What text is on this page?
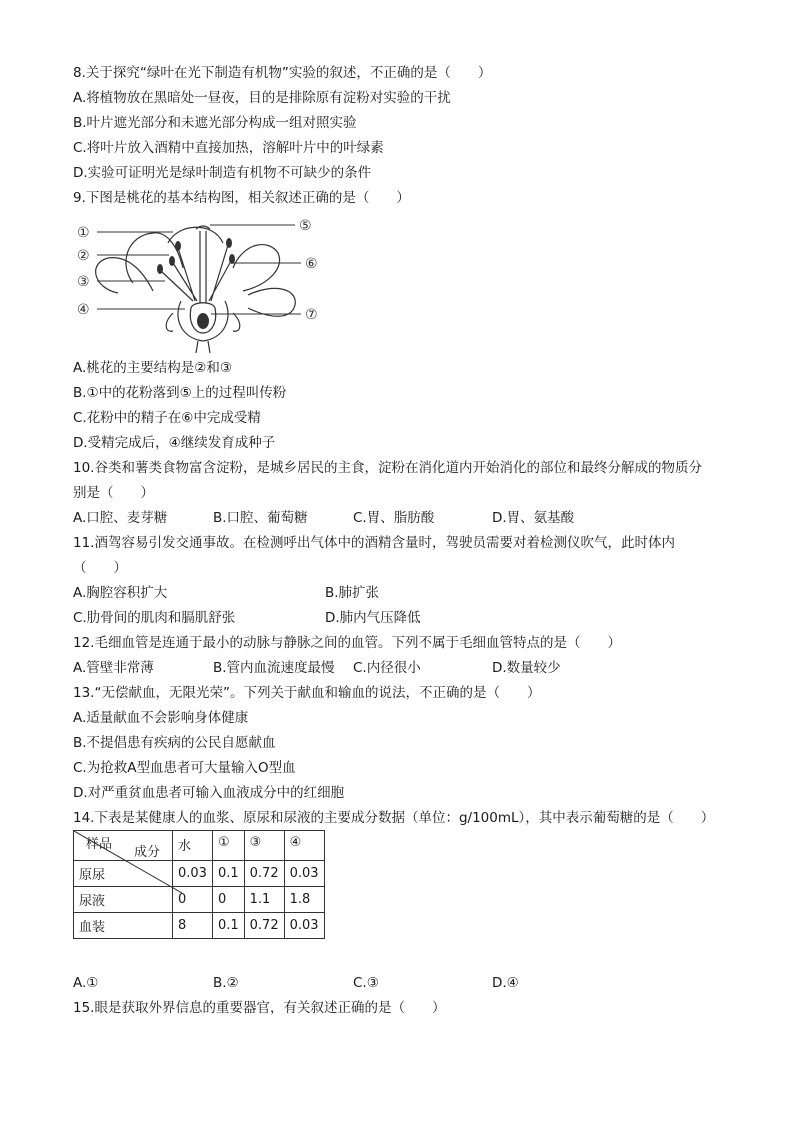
8.关于探究“绿叶在光下制造有机物”实验的叙述，不正确的是（　　）
A.将植物放在黑暗处一昼夜，目的是排除原有淀粉对实验的干扰
B.叶片遮光部分和未遮光部分构成一组对照实验
C.将叶片放入酒精中直接加热，溶解叶片中的叶绿素
D.实验可证明光是绿叶制造有机物不可缺少的条件
9.下图是桃花的基本结构图，相关叙述正确的是（　　）
①
②
③
④
⑤
⑥
⑦
A.桃花的主要结构是②和③
B.①中的花粉落到⑤上的过程叫传粉
C.花粉中的精子在⑥中完成受精
D.受精完成后，④继续发育成种子
10.谷类和薯类食物富含淀粉，是城乡居民的主食，淀粉在消化道内开始消化的部位和最终分解成的物质分
别是（　　）
A.口腔、麦芽糖	B.口腔、葡萄糖	C.胃、脂肪酸	D.胃、氨基酸
11.酒驾容易引发交通事故。在检测呼出气体中的酒精含量时，驾驶员需要对着检测仪吹气，此时体内
（　　）
A.胸腔容积扩大	B.肺扩张
C.肋骨间的肌肉和膈肌舒张	D.肺内气压降低
12.毛细血管是连通于最小的动脉与静脉之间的血管。下列不属于毛细血管特点的是（　　）
A.管壁非常薄	B.管内血流速度最慢 C.内径很小	D.数量较少
13.“无偿献血，无限光荣”。下列关于献血和输血的说法，不正确的是（　　）
A.适量献血不会影响身体健康
B.不提倡患有疾病的公民自愿献血
C.为抢救A型血患者可大量输入O型血
D.对严重贫血患者可输入血液成分中的红细胞
14.下表是某健康人的血浆、原尿和尿液的主要成分数据（单位：g/100mL），其中表示葡萄糖的是（　　）
成分
样品	水	①	③	④
原尿	0.03	0.1	0.72	0.03
尿液	0	0	1.1	1.8
血装	8	0.1	0.72	0.03
A.①	B.②	C.③	D.④
15.眼是获取外界信息的重要器官，有关叙述正确的是（　　）
